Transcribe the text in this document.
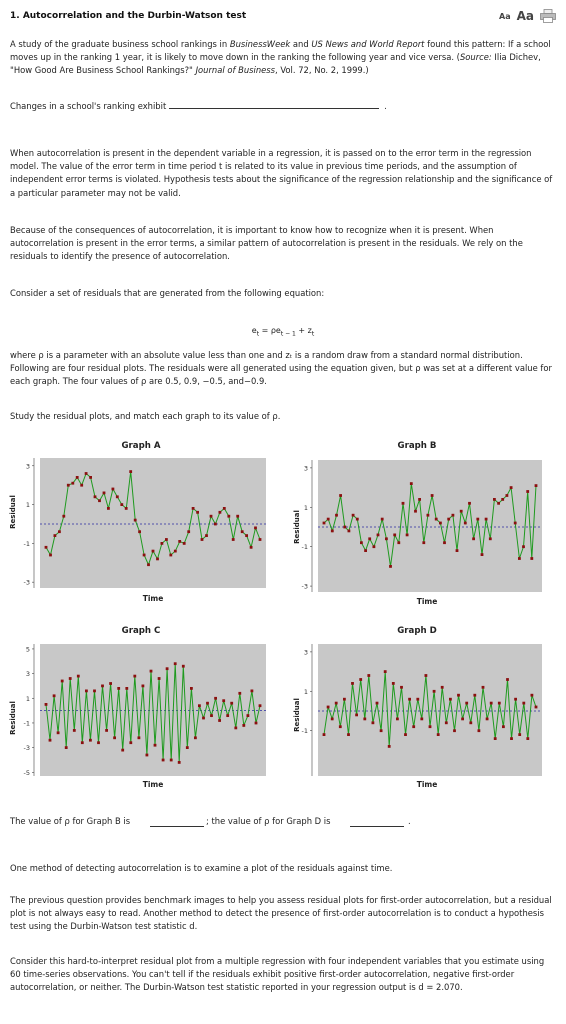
1. Autocorrelation and the Durbin-Watson test	Aa Aa

A study of the graduate business school rankings in BusinessWeek and US News and World Report found this pattern: If a school moves up in the ranking 1 year, it is likely to move down in the ranking the following year and vice versa. (Source: Ilia Dichev, "How Good Are Business School Rankings?" Journal of Business, Vol. 72, No. 2, 1999.)

Changes in a school's ranking exhibit	.

When autocorrelation is present in the dependent variable in a regression, it is passed on to the error term in the regression model. The value of the error term in time period t is related to its value in previous time periods, and the assumption of independent error terms is violated. Hypothesis tests about the significance of the regression relationship and the significance of a particular parameter may not be valid.

Because of the consequences of autocorrelation, it is important to know how to recognize when it is present. When autocorrelation is present in the error terms, a similar pattern of autocorrelation is present in the residuals. We rely on the residuals to identify the presence of autocorrelation.

Consider a set of residuals that are generated from the following equation:

$e_t = \rho e_{t - 1} + z_t$

where ρ is a parameter with an absolute value less than one and zₜ is a random draw from a standard normal distribution. Following are four residual plots. The residuals were all generated using the equation given, but ρ was set at a different value for each graph. The four values of ρ are 0.5, 0.9, −0.5, and−0.9.

Study the residual plots, and match each graph to its value of ρ.

Graph A
Residual
3
1
-1
-3
Time
Graph B
Residual
3
1
-1
-3
Time
Graph C
Residual
5
3
1
-1
-3
-5
Time
Graph D
Residual
3
1
-1
Time
The value of ρ for Graph B is	; the value of ρ for Graph D is	.

One method of detecting autocorrelation is to examine a plot of the residuals against time.

The previous question provides benchmark images to help you assess residual plots for first-order autocorrelation, but a residual plot is not always easy to read. Another method to detect the presence of first-order autocorrelation is to conduct a hypothesis test using the Durbin-Watson test statistic d.

Consider this hard-to-interpret residual plot from a multiple regression with four independent variables that you estimate using 60 time-series observations. You can't tell if the residuals exhibit positive first-order autocorrelation, negative first-order autocorrelation, or neither. The Durbin-Watson test statistic reported in your regression output is d = 2.070.
